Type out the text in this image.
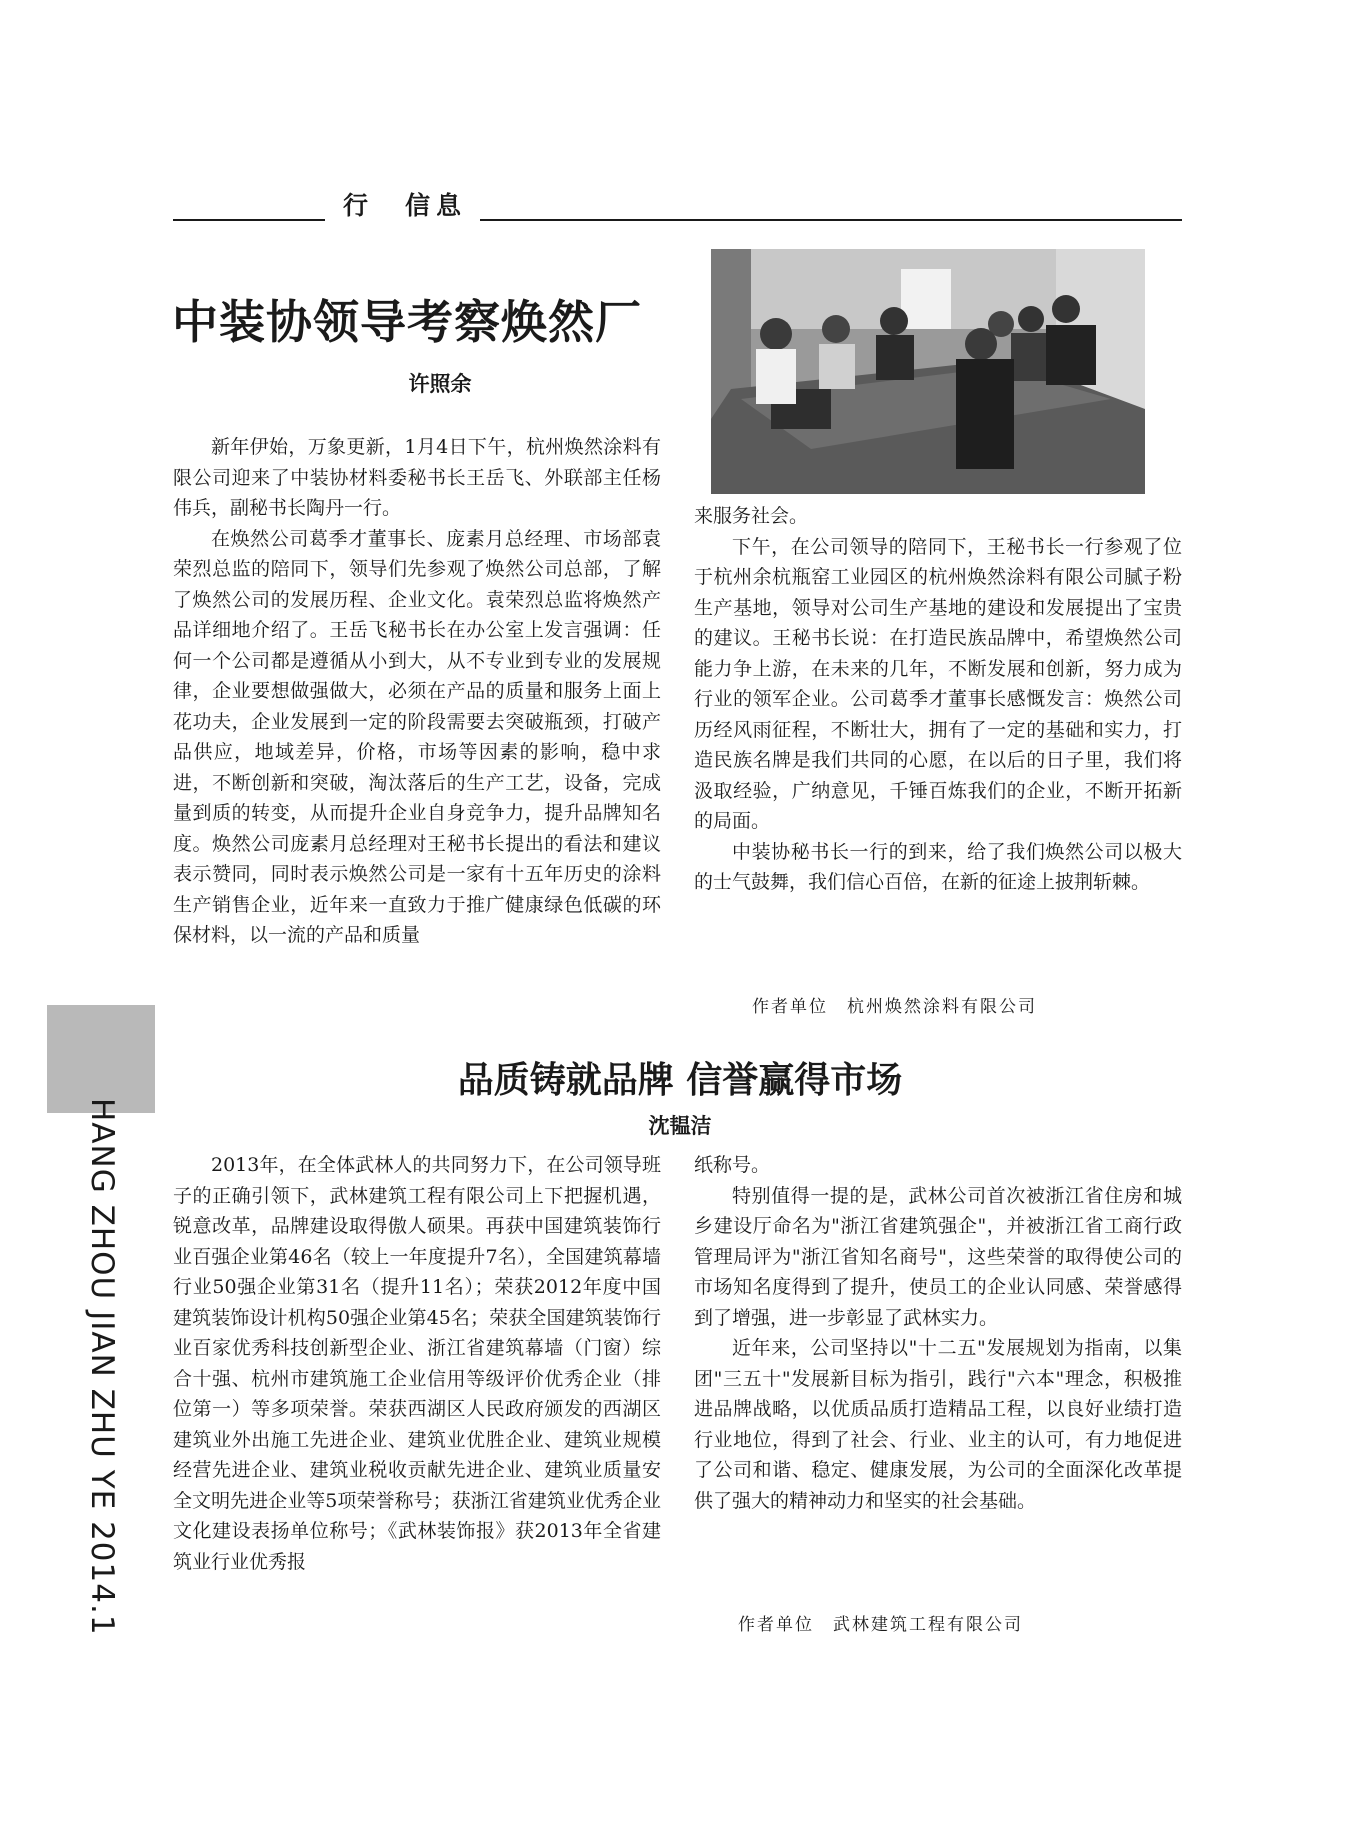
行　信息
中装协领导考察焕然厂
许照余

新年伊始，万象更新，1月4日下午，杭州焕然涂料有限公司迎来了中装协材料委秘书长王岳飞、外联部主任杨伟兵，副秘书长陶丹一行。

在焕然公司葛季才董事长、庞素月总经理、市场部袁荣烈总监的陪同下，领导们先参观了焕然公司总部，了解了焕然公司的发展历程、企业文化。袁荣烈总监将焕然产品详细地介绍了。王岳飞秘书长在办公室上发言强调：任何一个公司都是遵循从小到大，从不专业到专业的发展规律，企业要想做强做大，必须在产品的质量和服务上面上花功夫，企业发展到一定的阶段需要去突破瓶颈，打破产品供应，地域差异，价格，市场等因素的影响，稳中求进，不断创新和突破，淘汰落后的生产工艺，设备，完成量到质的转变，从而提升企业自身竞争力，提升品牌知名度。焕然公司庞素月总经理对王秘书长提出的看法和建议表示赞同，同时表示焕然公司是一家有十五年历史的涂料生产销售企业，近年来一直致力于推广健康绿色低碳的环保材料，以一流的产品和质量

来服务社会。

下午，在公司领导的陪同下，王秘书长一行参观了位于杭州余杭瓶窑工业园区的杭州焕然涂料有限公司腻子粉生产基地，领导对公司生产基地的建设和发展提出了宝贵的建议。王秘书长说：在打造民族品牌中，希望焕然公司能力争上游，在未来的几年，不断发展和创新，努力成为行业的领军企业。公司葛季才董事长感慨发言：焕然公司历经风雨征程，不断壮大，拥有了一定的基础和实力，打造民族名牌是我们共同的心愿，在以后的日子里，我们将汲取经验，广纳意见，千锤百炼我们的企业，不断开拓新的局面。

中装协秘书长一行的到来，给了我们焕然公司以极大的士气鼓舞，我们信心百倍，在新的征途上披荆斩棘。

作者单位　杭州焕然涂料有限公司
HANG ZHOU JIAN ZHU YE 2014.1
品质铸就品牌 信誉赢得市场
沈韫洁

2013年，在全体武林人的共同努力下，在公司领导班子的正确引领下，武林建筑工程有限公司上下把握机遇，锐意改革，品牌建设取得傲人硕果。再获中国建筑装饰行业百强企业第46名（较上一年度提升7名），全国建筑幕墙行业50强企业第31名（提升11名）；荣获2012年度中国建筑装饰设计机构50强企业第45名；荣获全国建筑装饰行业百家优秀科技创新型企业、浙江省建筑幕墙（门窗）综合十强、杭州市建筑施工企业信用等级评价优秀企业（排位第一）等多项荣誉。荣获西湖区人民政府颁发的西湖区建筑业外出施工先进企业、建筑业优胜企业、建筑业规模经营先进企业、建筑业税收贡献先进企业、建筑业质量安全文明先进企业等5项荣誉称号；获浙江省建筑业优秀企业文化建设表扬单位称号；《武林装饰报》获2013年全省建筑业行业优秀报

纸称号。

特别值得一提的是，武林公司首次被浙江省住房和城乡建设厅命名为"浙江省建筑强企"，并被浙江省工商行政管理局评为"浙江省知名商号"，这些荣誉的取得使公司的市场知名度得到了提升，使员工的企业认同感、荣誉感得到了增强，进一步彰显了武林实力。

近年来，公司坚持以"十二五"发展规划为指南，以集团"三五十"发展新目标为指引，践行"六本"理念，积极推进品牌战略，以优质品质打造精品工程，以良好业绩打造行业地位，得到了社会、行业、业主的认可，有力地促进了公司和谐、稳定、健康发展，为公司的全面深化改革提供了强大的精神动力和坚实的社会基础。

作者单位　武林建筑工程有限公司
